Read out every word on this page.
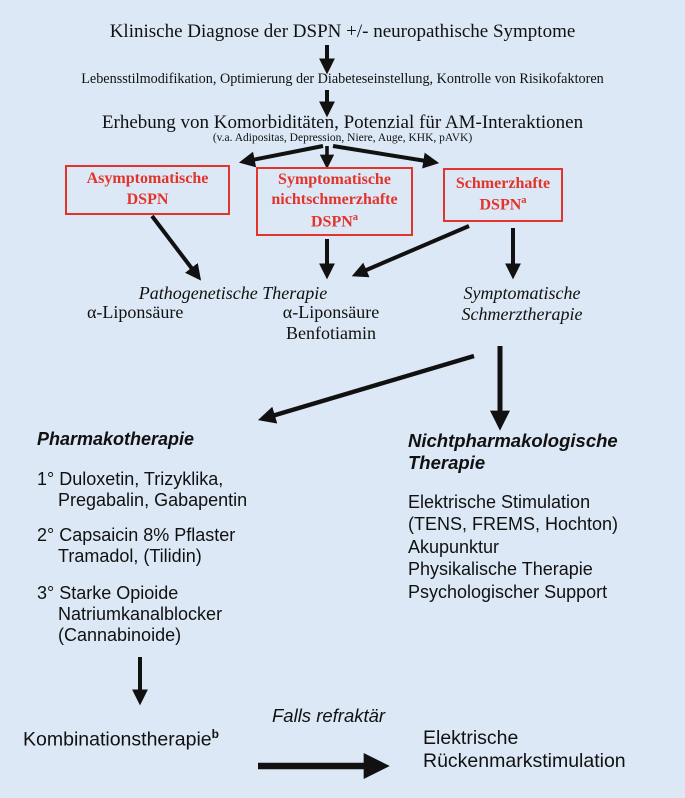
Klinische Diagnose der DSPN +/- neuropathische Symptome
Lebensstilmodifikation, Optimierung der Diabeteseinstellung, Kontrolle von Risikofaktoren
Erhebung von Komorbiditäten, Potenzial für AM-Interaktionen
(v.a. Adipositas, Depression, Niere, Auge, KHK, pAVK)
Asymptomatische
DSPN
Symptomatische
nichtschmerzhafte
DSPN$^a$
Schmerzhafte
DSPN$^a$
Pathogenetische Therapie
α-Liponsäure	α-Liponsäure
Benfotiamin
Symptomatische
Schmerztherapie
Pharmakotherapie
1° Duloxetin, Trizyklika,
Pregabalin, Gabapentin
2° Capsaicin 8% Pflaster
Tramadol, (Tilidin)
3° Starke Opioide
Natriumkanalblocker
(Cannabinoide)
Nichtpharmakologische
Therapie
Elektrische Stimulation
(TENS, FREMS, Hochton)
Akupunktur
Physikalische Therapie
Psychologischer Support
Falls refraktär
Kombinationstherapie$^b$	Elektrische
Rückenmarkstimulation
